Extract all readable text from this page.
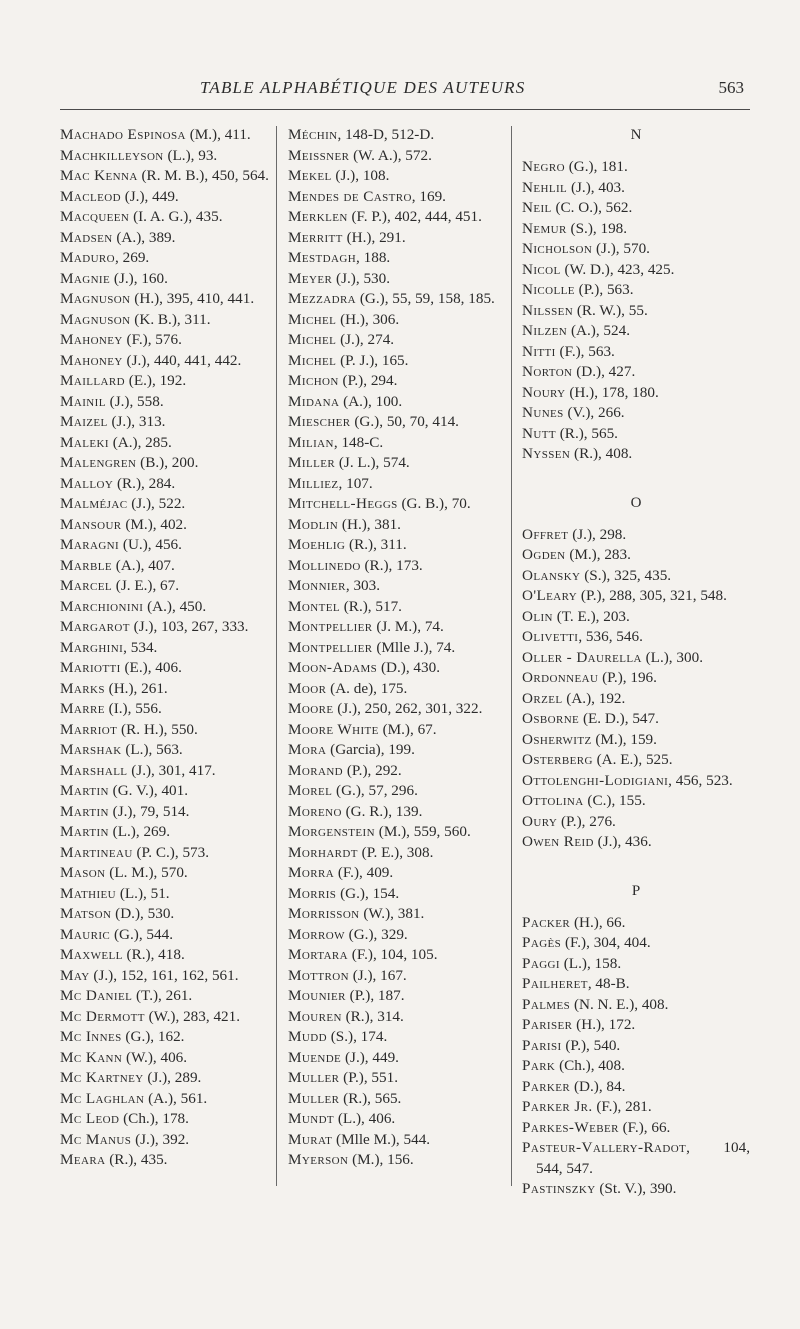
TABLE ALPHABÉTIQUE DES AUTEURS	563

Machado Espinosa (M.), 411.

Machkilleyson (L.), 93.

Mac Kenna (R. M. B.), 450, 564.

Macleod (J.), 449.

Macqueen (I. A. G.), 435.

Madsen (A.), 389.

Maduro, 269.

Magnie (J.), 160.

Magnuson (H.), 395, 410, 441.

Magnuson (K. B.), 311.

Mahoney (F.), 576.

Mahoney (J.), 440, 441, 442.

Maillard (E.), 192.

Mainil (J.), 558.

Maizel (J.), 313.

Maleki (A.), 285.

Malengren (B.), 200.

Malloy (R.), 284.

Malméjac (J.), 522.

Mansour (M.), 402.

Maragni (U.), 456.

Marble (A.), 407.

Marcel (J. E.), 67.

Marchionini (A.), 450.

Margarot (J.), 103, 267, 333.

Marghini, 534.

Mariotti (E.), 406.

Marks (H.), 261.

Marre (I.), 556.

Marriot (R. H.), 550.

Marshak (L.), 563.

Marshall (J.), 301, 417.

Martin (G. V.), 401.

Martin (J.), 79, 514.

Martin (L.), 269.

Martineau (P. C.), 573.

Mason (L. M.), 570.

Mathieu (L.), 51.

Matson (D.), 530.

Mauric (G.), 544.

Maxwell (R.), 418.

May (J.), 152, 161, 162, 561.

Mc Daniel (T.), 261.

Mc Dermott (W.), 283, 421.

Mc Innes (G.), 162.

Mc Kann (W.), 406.

Mc Kartney (J.), 289.

Mc Laghlan (A.), 561.

Mc Leod (Ch.), 178.

Mc Manus (J.), 392.

Meara (R.), 435.

Méchin, 148-D, 512-D.

Meissner (W. A.), 572.

Mekel (J.), 108.

Mendes de Castro, 169.

Merklen (F. P.), 402, 444, 451.

Merritt (H.), 291.

Mestdagh, 188.

Meyer (J.), 530.

Mezzadra (G.), 55, 59, 158, 185.

Michel (H.), 306.

Michel (J.), 274.

Michel (P. J.), 165.

Michon (P.), 294.

Midana (A.), 100.

Miescher (G.), 50, 70, 414.

Milian, 148-C.

Miller (J. L.), 574.

Milliez, 107.

Mitchell-Heggs (G. B.), 70.

Modlin (H.), 381.

Moehlig (R.), 311.

Mollinedo (R.), 173.

Monnier, 303.

Montel (R.), 517.

Montpellier (J. M.), 74.

Montpellier (Mlle J.), 74.

Moon-Adams (D.), 430.

Moor (A. de), 175.

Moore (J.), 250, 262, 301, 322.

Moore White (M.), 67.

Mora (Garcia), 199.

Morand (P.), 292.

Morel (G.), 57, 296.

Moreno (G. R.), 139.

Morgenstein (M.), 559, 560.

Morhardt (P. E.), 308.

Morra (F.), 409.

Morris (G.), 154.

Morrisson (W.), 381.

Morrow (G.), 329.

Mortara (F.), 104, 105.

Mottron (J.), 167.

Mounier (P.), 187.

Mouren (R.), 314.

Mudd (S.), 174.

Muende (J.), 449.

Muller (P.), 551.

Muller (R.), 565.

Mundt (L.), 406.

Murat (Mlle M.), 544.

Myerson (M.), 156.

N

Negro (G.), 181.

Nehlil (J.), 403.

Neil (C. O.), 562.

Nemur (S.), 198.

Nicholson (J.), 570.

Nicol (W. D.), 423, 425.

Nicolle (P.), 563.

Nilssen (R. W.), 55.

Nilzen (A.), 524.

Nitti (F.), 563.

Norton (D.), 427.

Noury (H.), 178, 180.

Nunes (V.), 266.

Nutt (R.), 565.

Nyssen (R.), 408.

O

Offret (J.), 298.

Ogden (M.), 283.

Olansky (S.), 325, 435.

O'Leary (P.), 288, 305, 321, 548.

Olin (T. E.), 203.

Olivetti, 536, 546.

Oller - Daurella (L.), 300.

Ordonneau (P.), 196.

Orzel (A.), 192.

Osborne (E. D.), 547.

Osherwitz (M.), 159.

Osterberg (A. E.), 525.

Ottolenghi-Lodigiani, 456, 523.

Ottolina (C.), 155.

Oury (P.), 276.

Owen Reid (J.), 436.

P

Packer (H.), 66.

Pagès (F.), 304, 404.

Paggi (L.), 158.

Pailheret, 48-B.

Palmes (N. N. E.), 408.

Pariser (H.), 172.

Parisi (P.), 540.

Park (Ch.), 408.

Parker (D.), 84.

Parker Jr. (F.), 281.

Parkes-Weber (F.), 66.

Pasteur-Vallery-Radot, 104, 544, 547.

Pastinszky (St. V.), 390.
